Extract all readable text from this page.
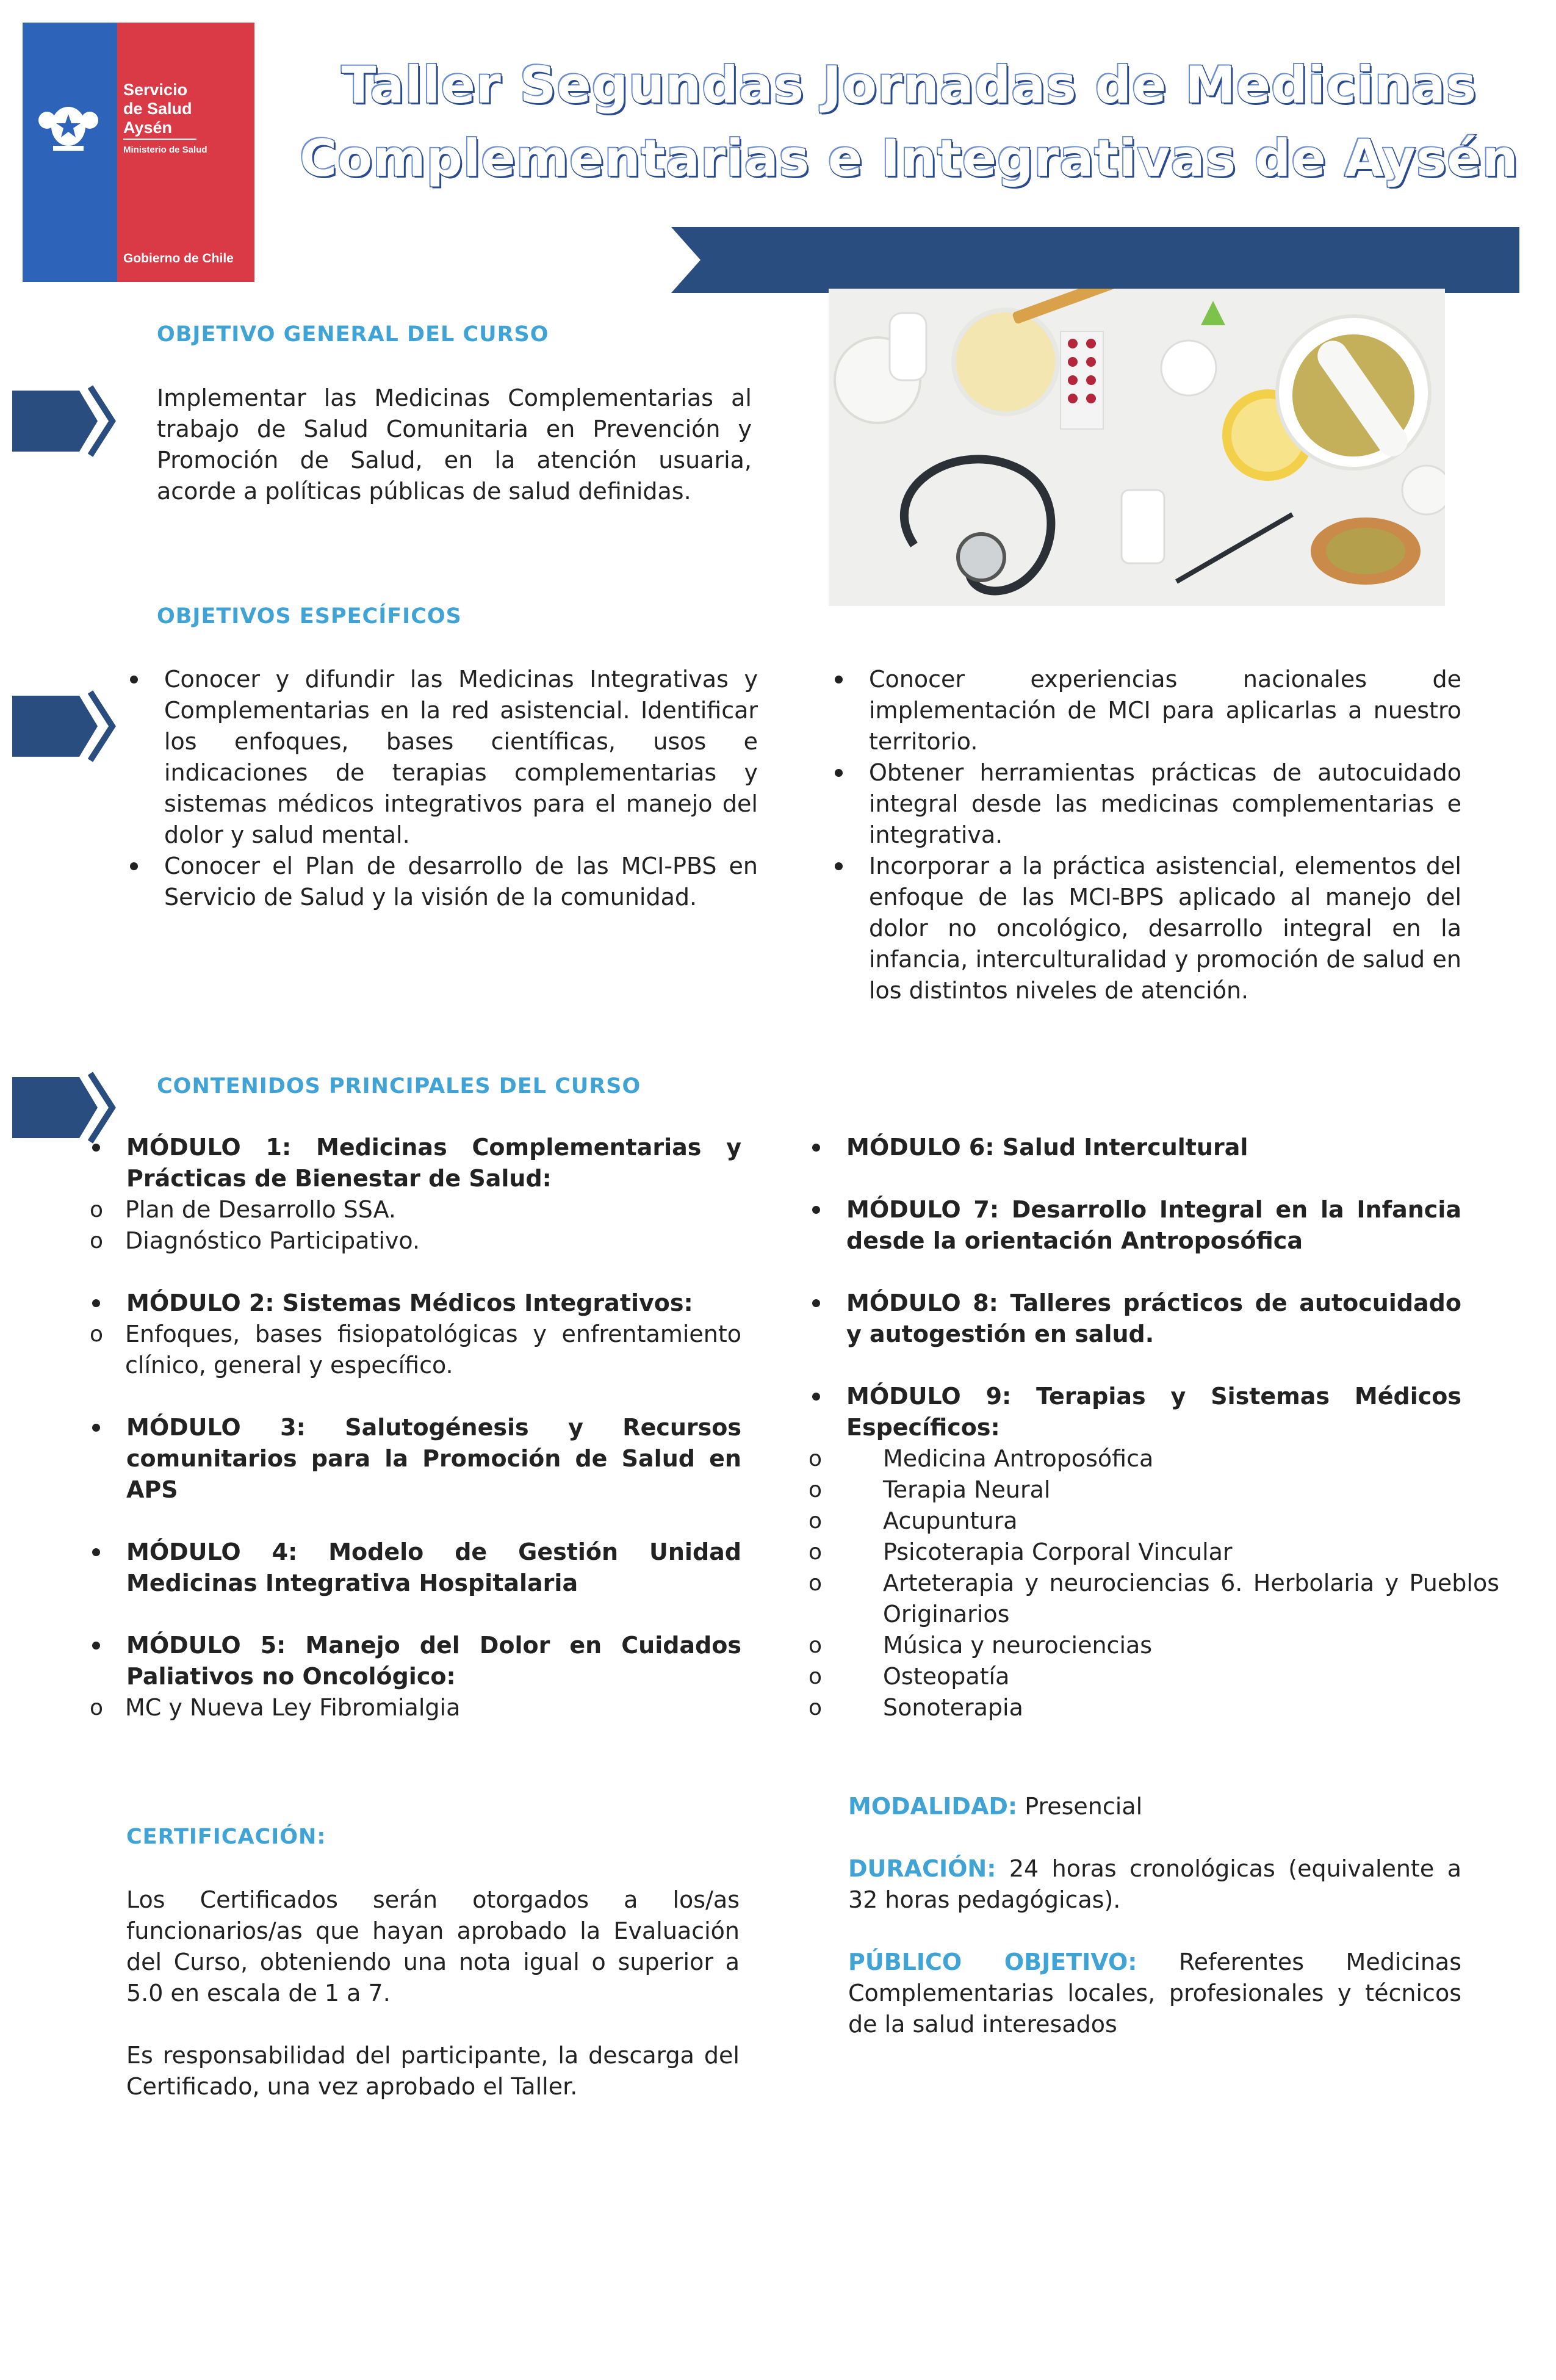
Servicio
de Salud
Aysén
Ministerio de Salud
Gobierno de Chile
Taller Segundas Jornadas de Medicinas
Complementarias e Integrativas de Aysén
OBJETIVO GENERAL DEL CURSO
Implementar las Medicinas Complementarias al trabajo de Salud Comunitaria en Prevención y Promoción de Salud, en la atención usuaria, acorde a políticas públicas de salud definidas.
OBJETIVOS ESPECÍFICOS
Conocer y difundir las Medicinas Integrativas y Complementarias en la red asistencial. Identificar los enfoques, bases científicas, usos e indicaciones de terapias complementarias y sistemas médicos integrativos para el manejo del dolor y salud mental.
Conocer el Plan de desarrollo de las MCI-PBS en Servicio de Salud y la visión de la comunidad.
Conocer experiencias nacionales de implementación de MCI para aplicarlas a nuestro territorio.
Obtener herramientas prácticas de autocuidado integral desde las medicinas complementarias e integrativa.
Incorporar a la práctica asistencial, elementos del enfoque de las MCI-BPS aplicado al manejo del dolor no oncológico, desarrollo integral en la infancia, interculturalidad y promoción de salud en los distintos niveles de atención.
CONTENIDOS PRINCIPALES DEL CURSO
MÓDULO 1: Medicinas Complementarias y Prácticas de Bienestar de Salud:
o Plan de Desarrollo SSA.
o Diagnóstico Participativo.
MÓDULO 2: Sistemas Médicos Integrativos:
o Enfoques, bases fisiopatológicas y enfrentamiento clínico, general y específico.
MÓDULO 3: Salutogénesis y Recursos comunitarios para la Promoción de Salud en APS
MÓDULO 4: Modelo de Gestión Unidad Medicinas Integrativa Hospitalaria
MÓDULO 5: Manejo del Dolor en Cuidados Paliativos no Oncológico:
o MC y Nueva Ley Fibromialgia
MÓDULO 6: Salud Intercultural
MÓDULO 7: Desarrollo Integral en la Infancia desde la orientación Antroposófica
MÓDULO 8: Talleres prácticos de autocuidado y autogestión en salud.
MÓDULO 9: Terapias y Sistemas Médicos Específicos:
o Medicina Antroposófica
o Terapia Neural
o Acupuntura
o Psicoterapia Corporal Vincular
o Arteterapia y neurociencias 6. Herbolaria y Pueblos Originarios
o Música y neurociencias
o Osteopatía
o Sonoterapia
CERTIFICACIÓN:
Los Certificados serán otorgados a los/as funcionarios/as que hayan aprobado la Evaluación del Curso, obteniendo una nota igual o superior a 5.0 en escala de 1 a 7.
Es responsabilidad del participante, la descarga del Certificado, una vez aprobado el Taller.
MODALIDAD: Presencial
DURACIÓN: 24 horas cronológicas (equivalente a 32 horas pedagógicas).
PÚBLICO OBJETIVO: Referentes Medicinas Complementarias locales, profesionales y técnicos de la salud interesados
